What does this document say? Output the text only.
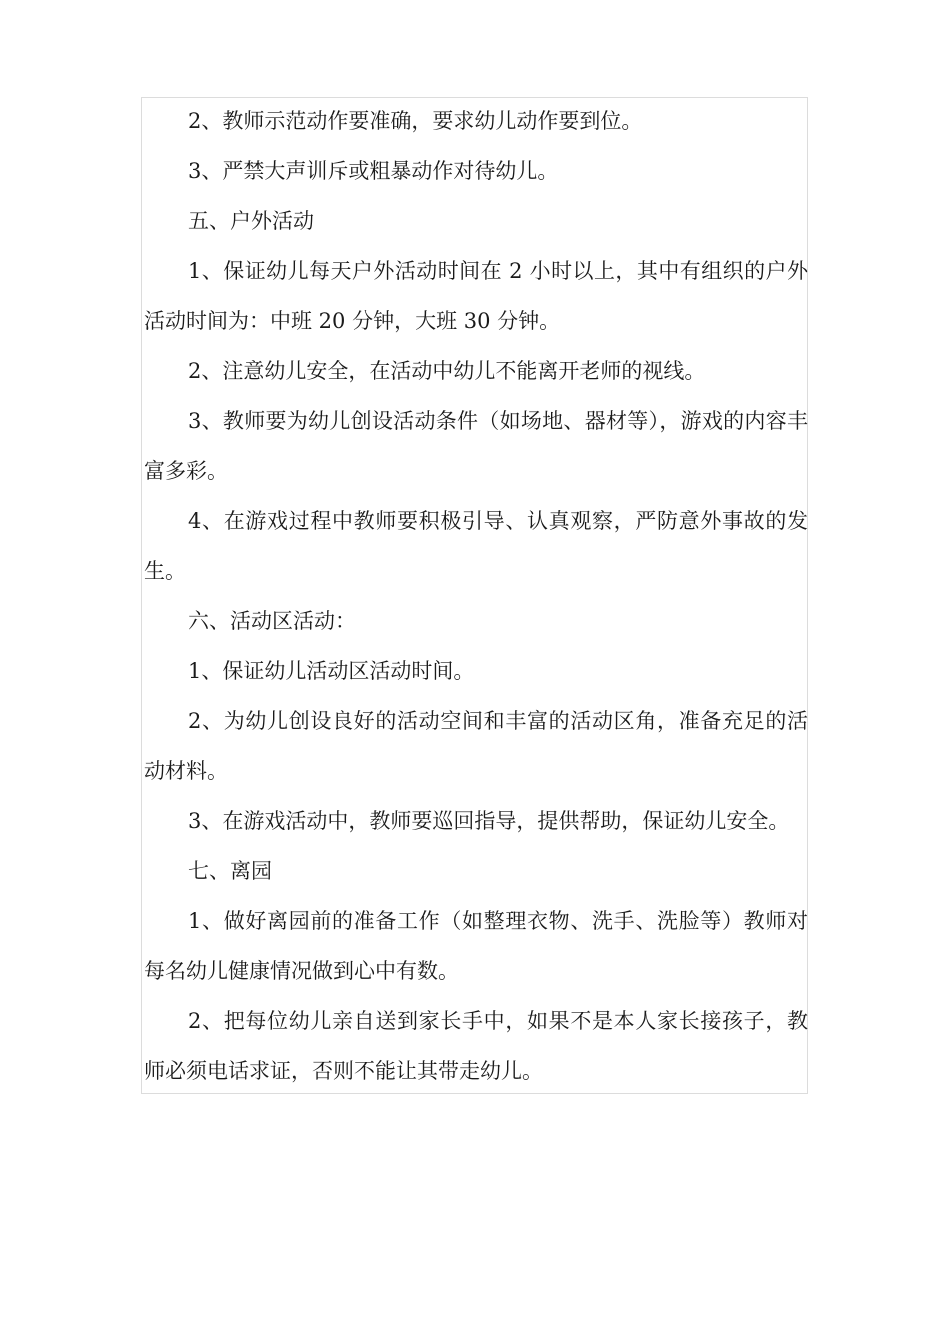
2、教师示范动作要准确，要求幼儿动作要到位。

3、严禁大声训斥或粗暴动作对待幼儿。

五、户外活动

1、保证幼儿每天户外活动时间在 2 小时以上，其中有组织的户外活动时间为：中班 20 分钟，大班 30 分钟。

2、注意幼儿安全，在活动中幼儿不能离开老师的视线。

3、教师要为幼儿创设活动条件（如场地、器材等），游戏的内容丰富多彩。

4、在游戏过程中教师要积极引导、认真观察，严防意外事故的发生。

六、活动区活动：

1、保证幼儿活动区活动时间。

2、为幼儿创设良好的活动空间和丰富的活动区角，准备充足的活动材料。

3、在游戏活动中，教师要巡回指导，提供帮助，保证幼儿安全。

七、离园

1、做好离园前的准备工作（如整理衣物、洗手、洗脸等）教师对每名幼儿健康情况做到心中有数。

2、把每位幼儿亲自送到家长手中，如果不是本人家长接孩子，教师必须电话求证，否则不能让其带走幼儿。
